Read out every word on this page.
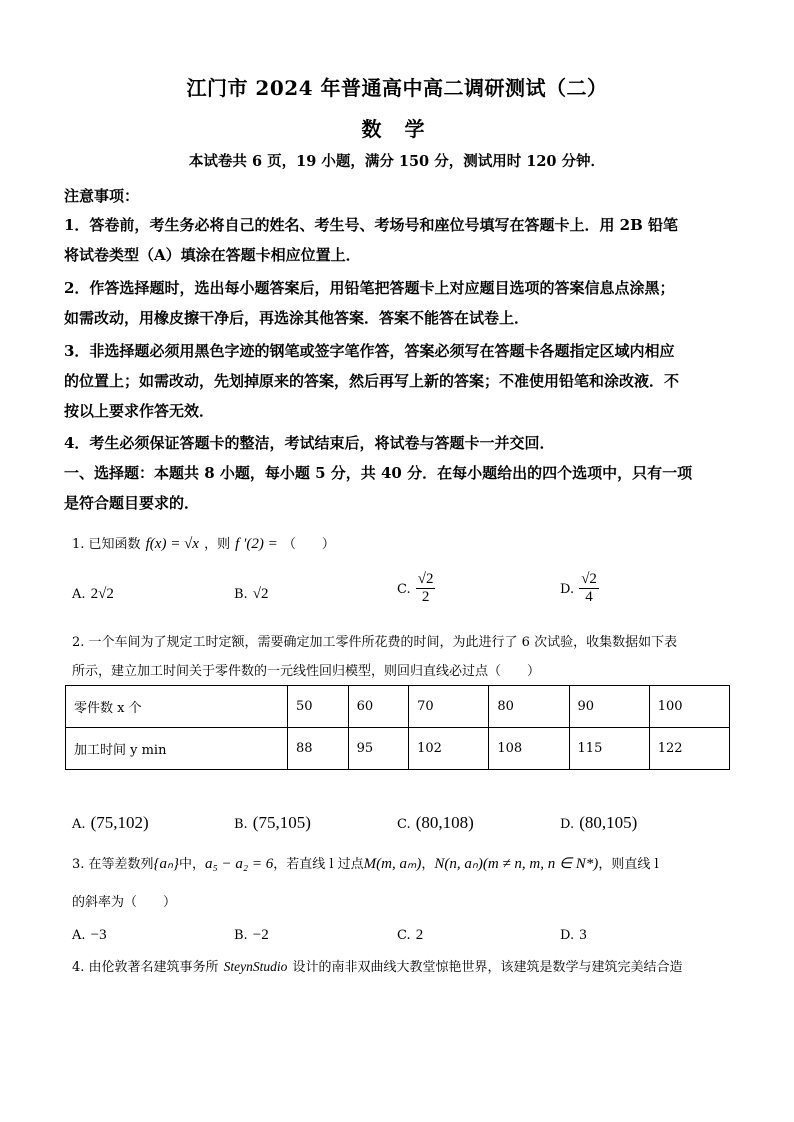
江门市 2024 年普通高中高二调研测试（二）
数 学
本试卷共 6 页，19 小题，满分 150 分，测试用时 120 分钟．
注意事项：
1．答卷前，考生务必将自己的姓名、考生号、考场号和座位号填写在答题卡上．用 2B 铅笔
将试卷类型（A）填涂在答题卡相应位置上．
2．作答选择题时，选出每小题答案后，用铅笔把答题卡上对应题目选项的答案信息点涂黑；
如需改动，用橡皮擦干净后，再选涂其他答案．答案不能答在试卷上．
3．非选择题必须用黑色字迹的钢笔或签字笔作答，答案必须写在答题卡各题指定区域内相应
的位置上；如需改动，先划掉原来的答案，然后再写上新的答案；不准使用铅笔和涂改液．不
按以上要求作答无效．
4．考生必须保证答题卡的整洁，考试结束后，将试卷与答题卡一并交回．
一、选择题：本题共 8 小题，每小题 5 分，共 40 分．在每小题给出的四个选项中，只有一项
是符合题目要求的．
1. 已知函数 f(x) = √x ，则 f ′(2) = （　　）
A. 2√2	B. √2	C. $\frac{√2}{2}$	D. $\frac{√2}{4}$
2. 一个车间为了规定工时定额，需要确定加工零件所花费的时间，为此进行了 6 次试验，收集数据如下表
所示，建立加工时间关于零件数的一元线性回归模型，则回归直线必过点（　　）
零件数 x 个	50	60	70	80	90	100
加工时间 y min	88	95	102	108	115	122
A. (75,102)	B. (75,105)	C. (80,108)	D. (80,105)
3. 在等差数列{aₙ}中，a₅ − a₂ = 6，若直线 l 过点M(m, aₘ)，N(n, aₙ)(m ≠ n, m, n ∈ N*)，则直线 l
的斜率为（　　）
A. −3	B. −2	C. 2	D. 3
4. 由伦敦著名建筑事务所 SteynStudio 设计的南非双曲线大教堂惊艳世界，该建筑是数学与建筑完美结合造
